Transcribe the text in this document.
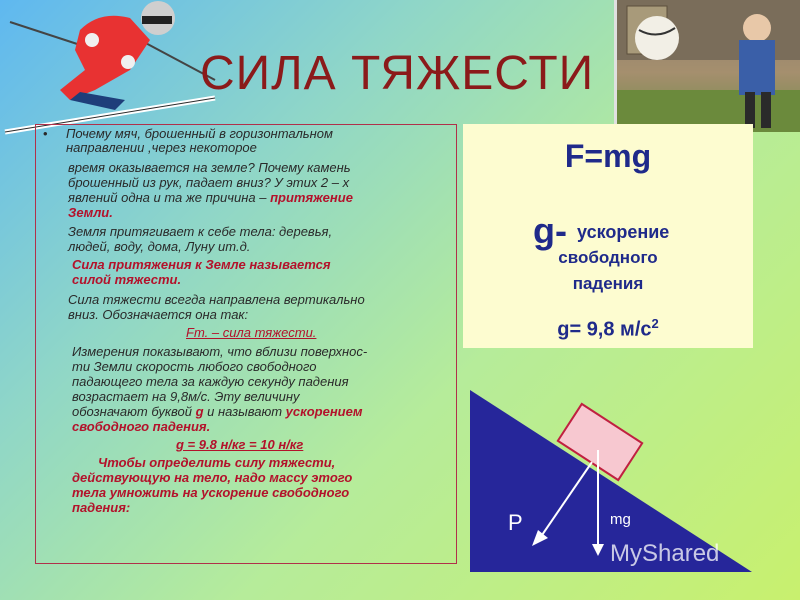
СИЛА ТЯЖЕСТИ
• Почему мяч, брошенный в горизонтальном
направлении ,через некоторое
время оказывается на земле? Почему камень
брошенный из рук, падает вниз? У этих 2 – х
явлений одна и та же причина – притяжение
Земли.
Земля притягивает к себе тела: деревья,
людей, воду, дома, Луну ит.д.
Сила притяжения к Земле называется
силой тяжести.
Сила тяжести всегда направлена вертикально
вниз. Обозначается она так:
Fт. – сила тяжести.
Измерения показывают, что вблизи поверхнос-
ти Земли скорость любого свободного
падающего тела за каждую секунду падения
возрастает на 9,8м/с. Эту величину
обозначают буквой g и называют ускорением
свободного падения.
g = 9.8 н/кг = 10 н/кг
Чтобы определить силу тяжести,
действующую на тело, надо массу этого
тела умножить на ускорение свободного
падения:
F=mg
g- ускорение
свободного
падения
g= 9,8 $м/с^2$
P	mg
MyShared
